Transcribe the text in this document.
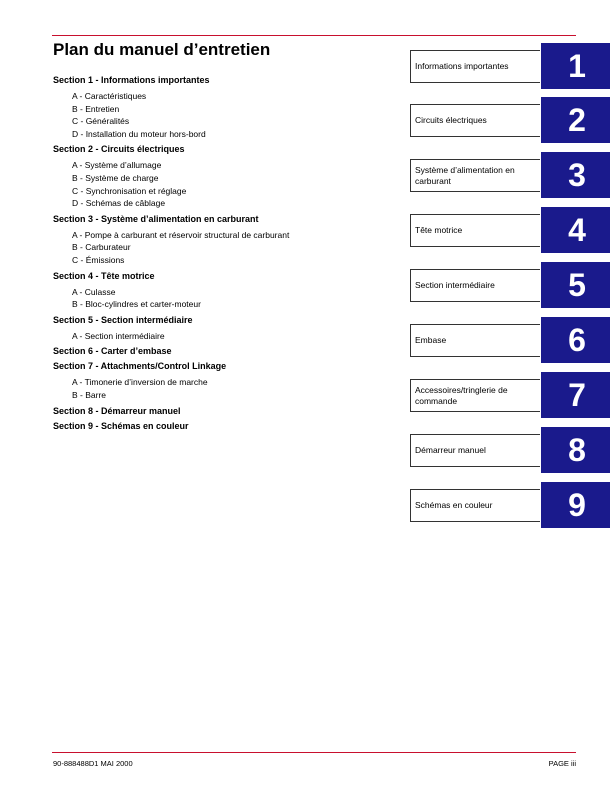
Plan du manuel d’entretien
Section 1 - Informations importantes
A - Caractéristiques
B - Entretien
C - Généralités
D - Installation du moteur hors-bord
Section 2 - Circuits électriques
A - Système d’allumage
B - Système de charge
C - Synchronisation et réglage
D - Schémas de câblage
Section 3 - Système d’alimentation en carburant
A - Pompe à carburant et réservoir structural de carburant
B - Carburateur
C - Émissions
Section 4 - Tête motrice
A - Culasse
B - Bloc-cylindres et carter-moteur
Section 5 - Section intermédiaire
A - Section intermédiaire
Section 6 - Carter d’embase
Section 7 - Attachments/Control Linkage
A - Timonerie d’inversion de marche
B - Barre
Section 8 - Démarreur manuel
Section 9 - Schémas en couleur
Informations importantes	1
Circuits électriques	2
Système d’alimentation en carburant	3
Tête motrice	4
Section intermédiaire	5
Embase	6
Accessoires/tringlerie de commande	7
Démarreur manuel	8
Schémas en couleur	9
90-888488D1 MAI 2000	PAGE iii
